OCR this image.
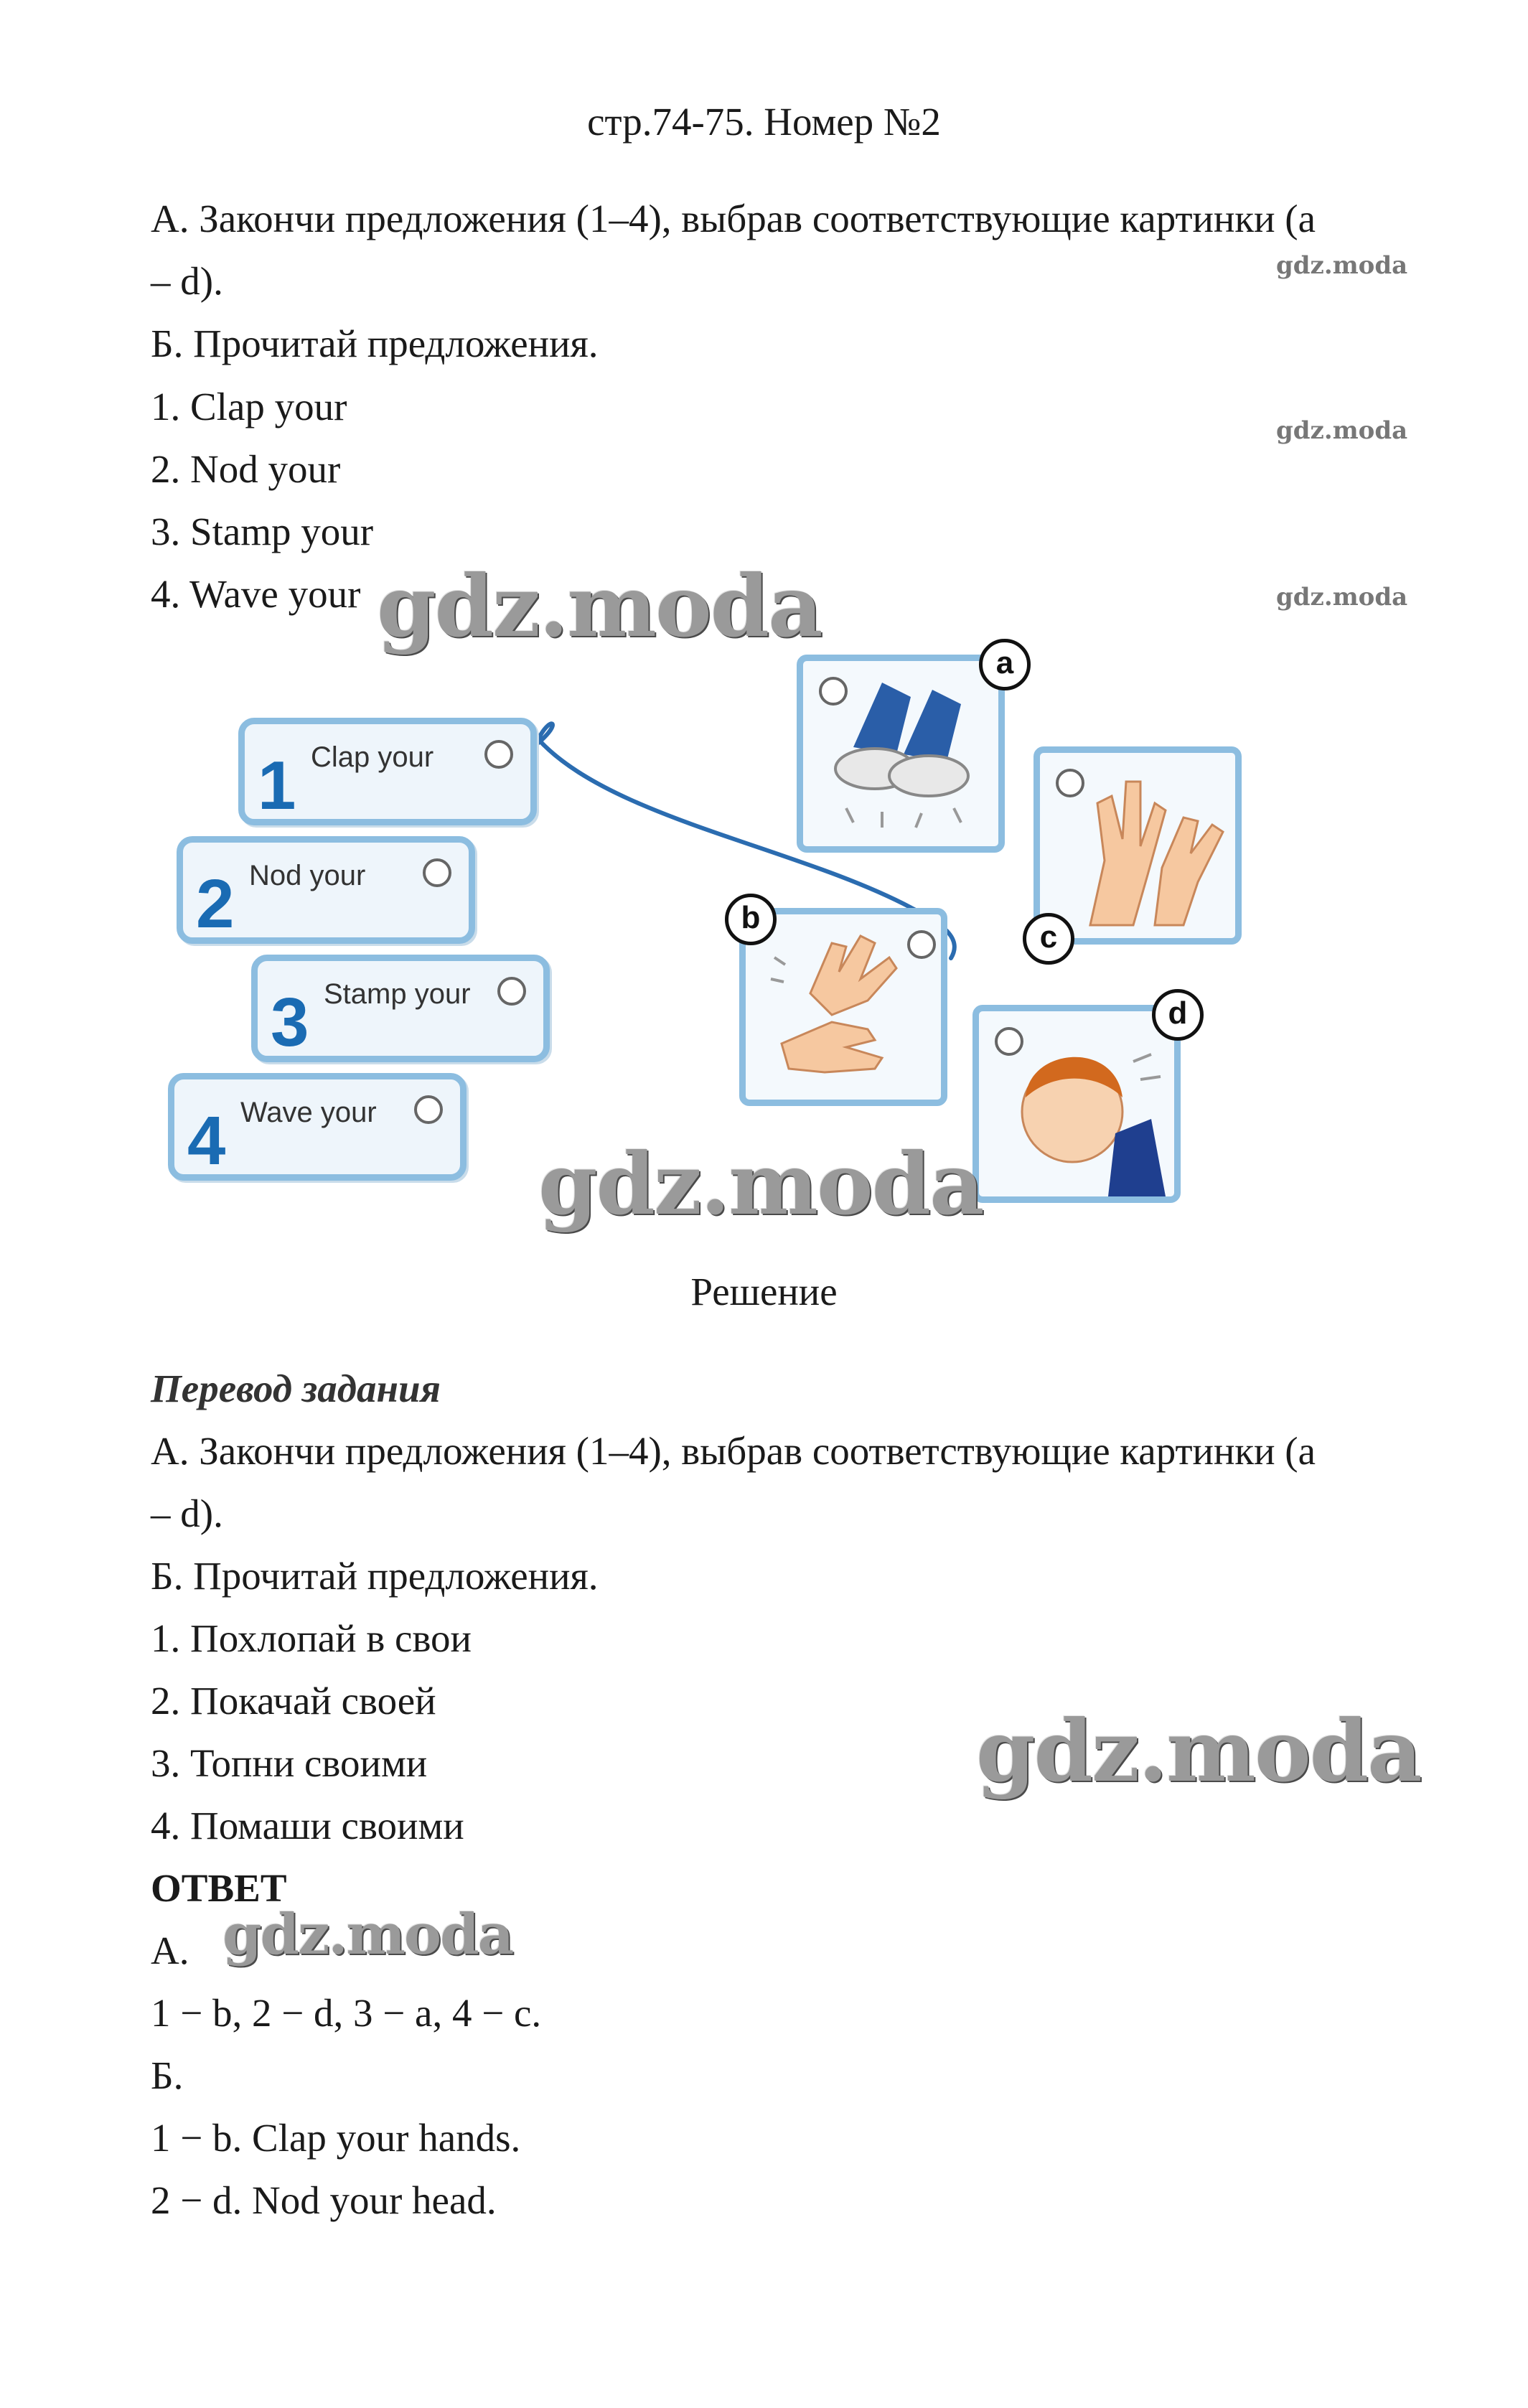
стр.74-75. Номер №2
А. Закончи предложения (1–4), выбрав соответствующие картинки (а
– d).
Б. Прочитай предложения.
1. Clap your
2. Nod your
3. Stamp your
4. Wave your
1 Clap your
2 Nod your
3 Stamp your
4 Wave your
a
c
b
d
Решение
Перевод задания
А. Закончи предложения (1–4), выбрав соответствующие картинки (а
– d).
Б. Прочитай предложения.
1. Похлопай в свои
2. Покачай своей
3. Топни своими
4. Помаши своими
ОТВЕТ
А.
1 − b, 2 − d, 3 − a, 4 − c.
Б.
1 − b. Clap your hands.
2 − d. Nod your head.
gdz.moda
gdz.moda
gdz.moda
gdz.moda
gdz.moda
gdz.moda
gdz.moda
